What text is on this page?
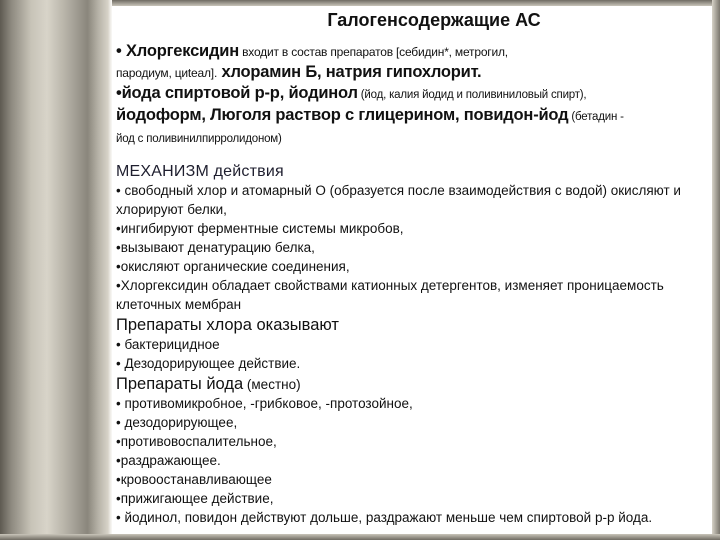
Галогенсодержащие АС
• Хлоргексидин входит в состав препаратов [себидин*, метрогил,
пародиум, циteал]. хлорамин Б, натрия гипохлорит.
•йода спиртовой р-р, йодинол (йод, калия йодид и поливиниловый спирт),
йодоформ, Люголя раствор с глицерином, повидон-йод (бетадин -
йод с поливинилпирролидоном)
МЕХАНИЗМ действия
• свободный хлор и атомарный О (образуется после взаимодействия с водой) окисляют и хлорируют белки,
•ингибируют ферментные системы микробов,
•вызывают денатурацию белка,
•окисляют органические соединения,
•Хлоргексидин обладает свойствами катионных детергентов, изменяет проницаемость клеточных мембран
Препараты хлора оказывают
• бактерицидное
• Дезодорирующее действие.
Препараты йода (местно)
• противомикробное, -грибковое, -протозойное,
• дезодорирующее,
•противовоспалительное,
•раздражающее.
•кровоостанавливающее
•прижигающее действие,
• йодинол, повидон действуют дольше, раздражают меньше чем спиртовой р-р йода.
